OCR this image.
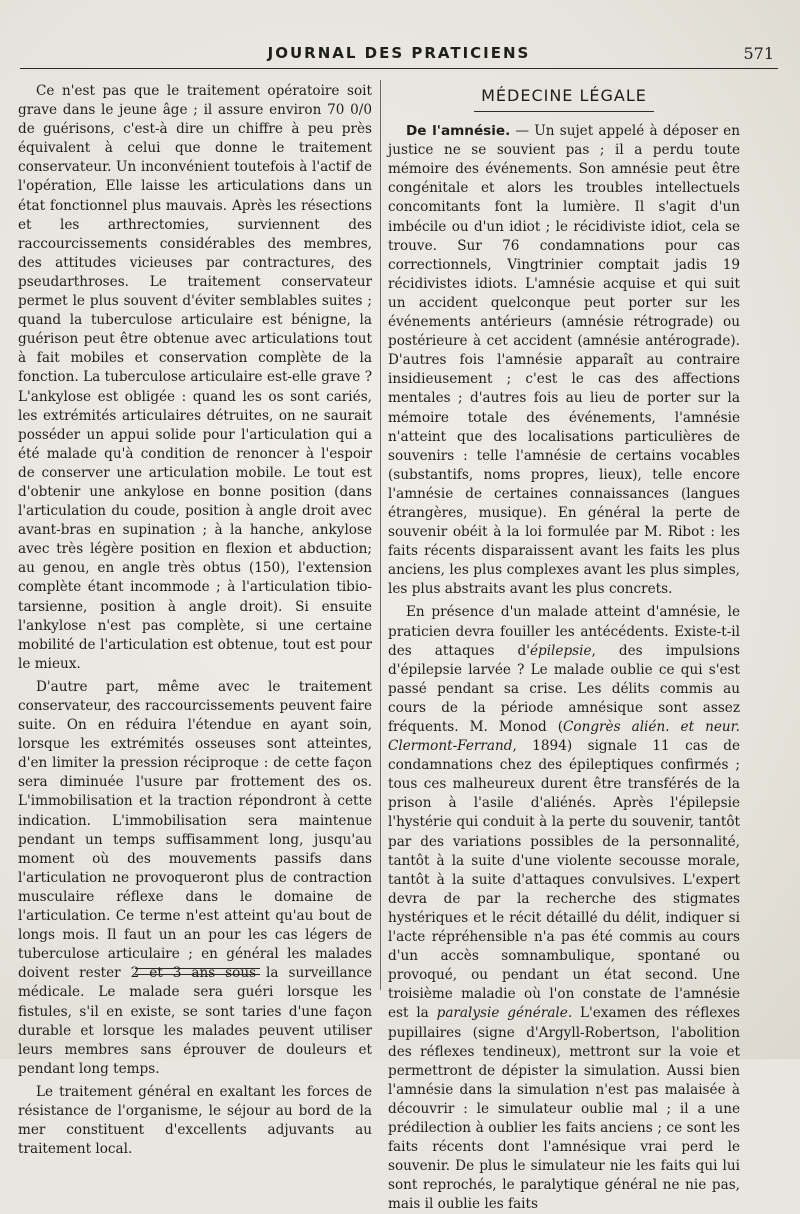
JOURNAL DES PRATICIENS	571

Ce n'est pas que le traitement opératoire soit grave dans le jeune âge ; il assure environ 70 0/0 de guérisons, c'est-à dire un chiffre à peu près équivalent à celui que donne le traitement conservateur. Un inconvénient toutefois à l'actif de l'opération, Elle laisse les articulations dans un état fonctionnel plus mauvais. Après les résections et les arthrectomies, surviennent des raccourcissements considérables des membres, des attitudes vicieuses par contractures, des pseudarthroses. Le traitement conservateur permet le plus souvent d'éviter semblables suites ; quand la tuberculose articulaire est bénigne, la guérison peut être obtenue avec articulations tout à fait mobiles et conservation complète de la fonction. La tuberculose articulaire est-elle grave ? L'ankylose est obligée : quand les os sont cariés, les extrémités articulaires détruites, on ne saurait posséder un appui solide pour l'articulation qui a été malade qu'à condition de renoncer à l'espoir de conserver une articulation mobile. Le tout est d'obtenir une ankylose en bonne position (dans l'articulation du coude, position à angle droit avec avant-bras en supination ; à la hanche, ankylose avec très légère position en flexion et abduction; au genou, en angle très obtus (150), l'extension complète étant incommode ; à l'articulation tibio-tarsienne, position à angle droit). Si ensuite l'ankylose n'est pas complète, si une certaine mobilité de l'articulation est obtenue, tout est pour le mieux.

D'autre part, même avec le traitement conservateur, des raccourcissements peuvent faire suite. On en réduira l'étendue en ayant soin, lorsque les extrémités osseuses sont atteintes, d'en limiter la pression réciproque : de cette façon sera diminuée l'usure par frottement des os. L'immobilisation et la traction répondront à cette indication. L'immobilisation sera maintenue pendant un temps suffisamment long, jusqu'au moment où des mouvements passifs dans l'articulation ne provoqueront plus de contraction musculaire réflexe dans le domaine de l'articulation. Ce terme n'est atteint qu'au bout de longs mois. Il faut un an pour les cas légers de tuberculose articulaire ; en général les malades doivent rester 2 et 3 ans sous la surveillance médicale. Le malade sera guéri lorsque les fistules, s'il en existe, se sont taries d'une façon durable et lorsque les malades peuvent utiliser leurs membres sans éprouver de douleurs et pendant long temps.

Le traitement général en exaltant les forces de résistance de l'organisme, le séjour au bord de la mer constituent d'excellents adjuvants au traitement local.

MÉDECINE LÉGALE

De l'amnésie. — Un sujet appelé à déposer en justice ne se souvient pas ; il a perdu toute mémoire des événements. Son amnésie peut être congénitale et alors les troubles intellectuels concomitants font la lumière. Il s'agit d'un imbécile ou d'un idiot ; le récidiviste idiot, cela se trouve. Sur 76 condamnations pour cas correctionnels, Vingtrinier comptait jadis 19 récidivistes idiots. L'amnésie acquise et qui suit un accident quelconque peut porter sur les événements antérieurs (amnésie rétrograde) ou postérieure à cet accident (amnésie antérograde). D'autres fois l'amnésie apparaît au contraire insidieusement ; c'est le cas des affections mentales ; d'autres fois au lieu de porter sur la mémoire totale des événements, l'amnésie n'atteint que des localisations particulières de souvenirs : telle l'amnésie de certains vocables (substantifs, noms propres, lieux), telle encore l'amnésie de certaines connaissances (langues étrangères, musique). En général la perte de souvenir obéit à la loi formulée par M. Ribot : les faits récents disparaissent avant les faits les plus anciens, les plus complexes avant les plus simples, les plus abstraits avant les plus concrets.

En présence d'un malade atteint d'amnésie, le praticien devra fouiller les antécédents. Existe-t-il des attaques d'épilepsie, des impulsions d'épilepsie larvée ? Le malade oublie ce qui s'est passé pendant sa crise. Les délits commis au cours de la période amnésique sont assez fréquents. M. Monod (Congrès alién. et neur. Clermont-Ferrand, 1894) signale 11 cas de condamnations chez des épileptiques confirmés ; tous ces malheureux durent être transférés de la prison à l'asile d'aliénés. Après l'épilepsie l'hystérie qui conduit à la perte du souvenir, tantôt par des variations possibles de la personnalité, tantôt à la suite d'une violente secousse morale, tantôt à la suite d'attaques convulsives. L'expert devra de par la recherche des stigmates hystériques et le récit détaillé du délit, indiquer si l'acte répréhensible n'a pas été commis au cours d'un accès somnambulique, spontané ou provoqué, ou pendant un état second. Une troisième maladie où l'on constate de l'amnésie est la paralysie générale. L'examen des réflexes pupillaires (signe d'Argyll-Robertson, l'abolition des réflexes tendineux), mettront sur la voie et permettront de dépister la simulation. Aussi bien l'amnésie dans la simulation n'est pas malaisée à découvrir : le simulateur oublie mal ; il a une prédilection à oublier les faits anciens ; ce sont les faits récents dont l'amnésique vrai perd le souvenir. De plus le simulateur nie les faits qui lui sont reprochés, le paralytique général ne nie pas, mais il oublie les faits
